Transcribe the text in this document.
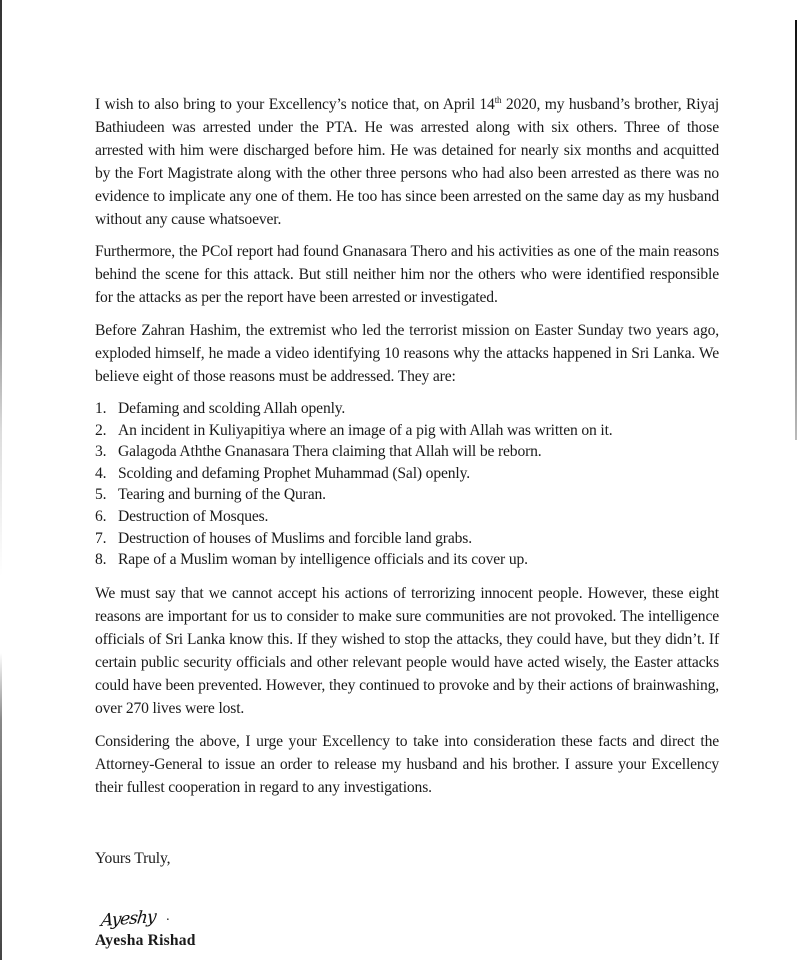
I wish to also bring to your Excellency’s notice that, on April 14th 2020, my husband’s brother, Riyaj Bathiudeen was arrested under the PTA. He was arrested along with six others. Three of those arrested with him were discharged before him. He was detained for nearly six months and acquitted by the Fort Magistrate along with the other three persons who had also been arrested as there was no evidence to implicate any one of them. He too has since been arrested on the same day as my husband without any cause whatsoever.

Furthermore, the PCoI report had found Gnanasara Thero and his activities as one of the main reasons behind the scene for this attack. But still neither him nor the others who were identified responsible for the attacks as per the report have been arrested or investigated.

Before Zahran Hashim, the extremist who led the terrorist mission on Easter Sunday two years ago, exploded himself, he made a video identifying 10 reasons why the attacks happened in Sri Lanka. We believe eight of those reasons must be addressed. They are:

1. Defaming and scolding Allah openly.
2. An incident in Kuliyapitiya where an image of a pig with Allah was written on it.
3. Galagoda Aththe Gnanasara Thera claiming that Allah will be reborn.
4. Scolding and defaming Prophet Muhammad (Sal) openly.
5. Tearing and burning of the Quran.
6. Destruction of Mosques.
7. Destruction of houses of Muslims and forcible land grabs.
8. Rape of a Muslim woman by intelligence officials and its cover up.

We must say that we cannot accept his actions of terrorizing innocent people. However, these eight reasons are important for us to consider to make sure communities are not provoked. The intelligence officials of Sri Lanka know this. If they wished to stop the attacks, they could have, but they didn’t. If certain public security officials and other relevant people would have acted wisely, the Easter attacks could have been prevented. However, they continued to provoke and by their actions of brainwashing, over 270 lives were lost.

Considering the above, I urge your Excellency to take into consideration these facts and direct the Attorney-General to issue an order to release my husband and his brother. I assure your Excellency their fullest cooperation in regard to any investigations.

Yours Truly,
Ayeshy ·
Ayesha Rishad
